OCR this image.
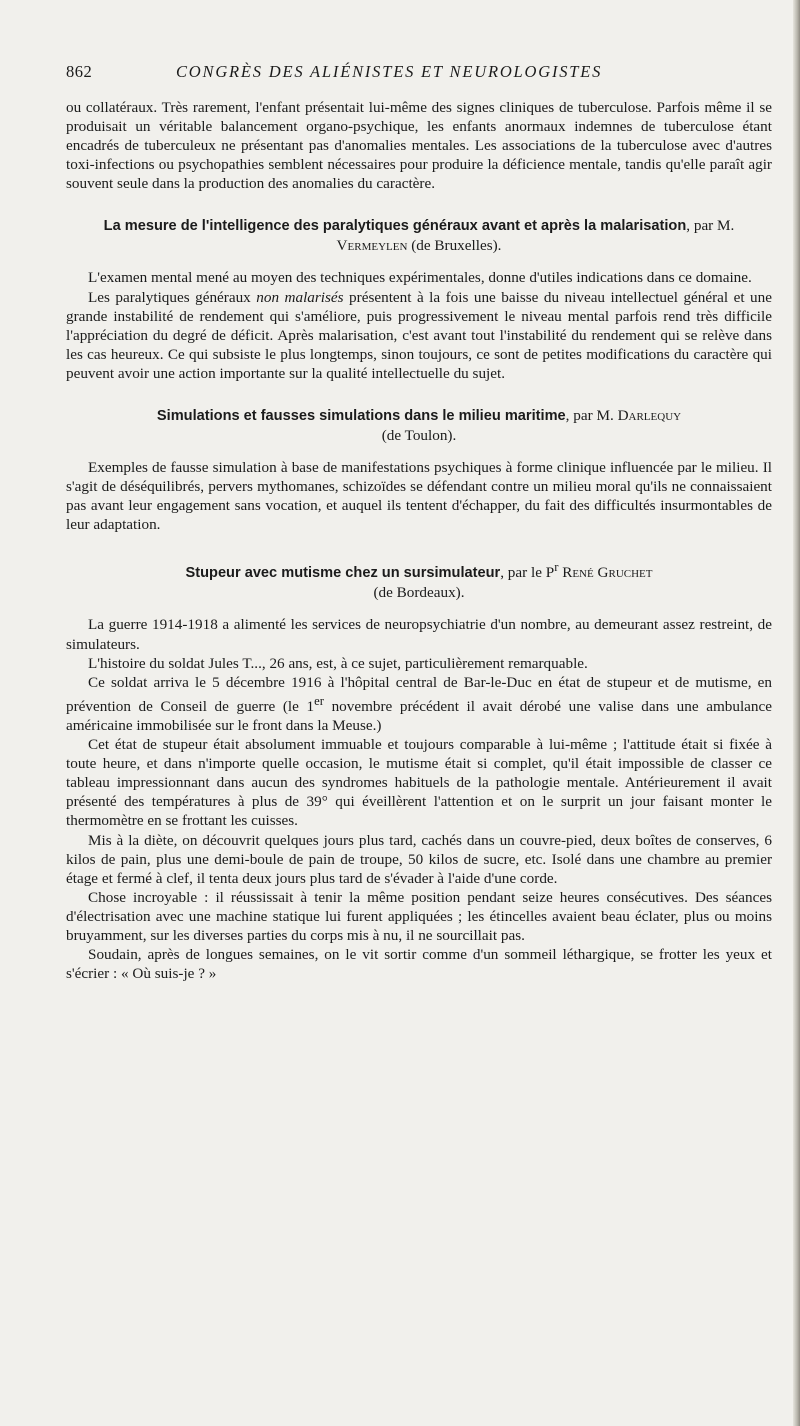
862	CONGRÈS DES ALIÉNISTES ET NEUROLOGISTES

ou collatéraux. Très rarement, l'enfant présentait lui-même des signes cliniques de tuberculose. Parfois même il se produisait un véritable balancement organo-psychique, les enfants anormaux indemnes de tuberculose étant encadrés de tuberculeux ne présentant pas d'anomalies mentales. Les associations de la tuberculose avec d'autres toxi-infections ou psychopathies semblent nécessaires pour produire la déficience mentale, tandis qu'elle paraît agir souvent seule dans la production des anomalies du caractère.

La mesure de l'intelligence des paralytiques généraux avant et après la malarisation, par M. Vermeylen (de Bruxelles).

L'examen mental mené au moyen des techniques expérimentales, donne d'utiles indications dans ce domaine.

Les paralytiques généraux non malarisés présentent à la fois une baisse du niveau intellectuel général et une grande instabilité de rendement qui s'améliore, puis progressivement le niveau mental parfois rend très difficile l'appréciation du degré de déficit. Après malarisation, c'est avant tout l'instabilité du rendement qui se relève dans les cas heureux. Ce qui subsiste le plus longtemps, sinon toujours, ce sont de petites modifications du caractère qui peuvent avoir une action importante sur la qualité intellectuelle du sujet.

Simulations et fausses simulations dans le milieu maritime, par M. Darlequy
(de Toulon).

Exemples de fausse simulation à base de manifestations psychiques à forme clinique influencée par le milieu. Il s'agit de déséquilibrés, pervers mythomanes, schizoïdes se défendant contre un milieu moral qu'ils ne connaissaient pas avant leur engagement sans vocation, et auquel ils tentent d'échapper, du fait des difficultés insurmontables de leur adaptation.

Stupeur avec mutisme chez un sursimulateur, par le $P^r$ René Gruchet
(de Bordeaux).

La guerre 1914-1918 a alimenté les services de neuropsychiatrie d'un nombre, au demeurant assez restreint, de simulateurs.

L'histoire du soldat Jules T..., 26 ans, est, à ce sujet, particulièrement remarquable.

Ce soldat arriva le 5 décembre 1916 à l'hôpital central de Bar-le-Duc en état de stupeur et de mutisme, en prévention de Conseil de guerre (le 1er novembre précédent il avait dérobé une valise dans une ambulance américaine immobilisée sur le front dans la Meuse.)

Cet état de stupeur était absolument immuable et toujours comparable à lui-même ; l'attitude était si fixée à toute heure, et dans n'importe quelle occasion, le mutisme était si complet, qu'il était impossible de classer ce tableau impressionnant dans aucun des syndromes habituels de la pathologie mentale. Antérieurement il avait présenté des températures à plus de 39° qui éveillèrent l'attention et on le surprit un jour faisant monter le thermomètre en se frottant les cuisses.

Mis à la diète, on découvrit quelques jours plus tard, cachés dans un couvre-pied, deux boîtes de conserves, 6 kilos de pain, plus une demi-boule de pain de troupe, 50 kilos de sucre, etc. Isolé dans une chambre au premier étage et fermé à clef, il tenta deux jours plus tard de s'évader à l'aide d'une corde.

Chose incroyable : il réussissait à tenir la même position pendant seize heures consécutives. Des séances d'électrisation avec une machine statique lui furent appliquées ; les étincelles avaient beau éclater, plus ou moins bruyamment, sur les diverses parties du corps mis à nu, il ne sourcillait pas.

Soudain, après de longues semaines, on le vit sortir comme d'un sommeil léthargique, se frotter les yeux et s'écrier : « Où suis-je ? »
